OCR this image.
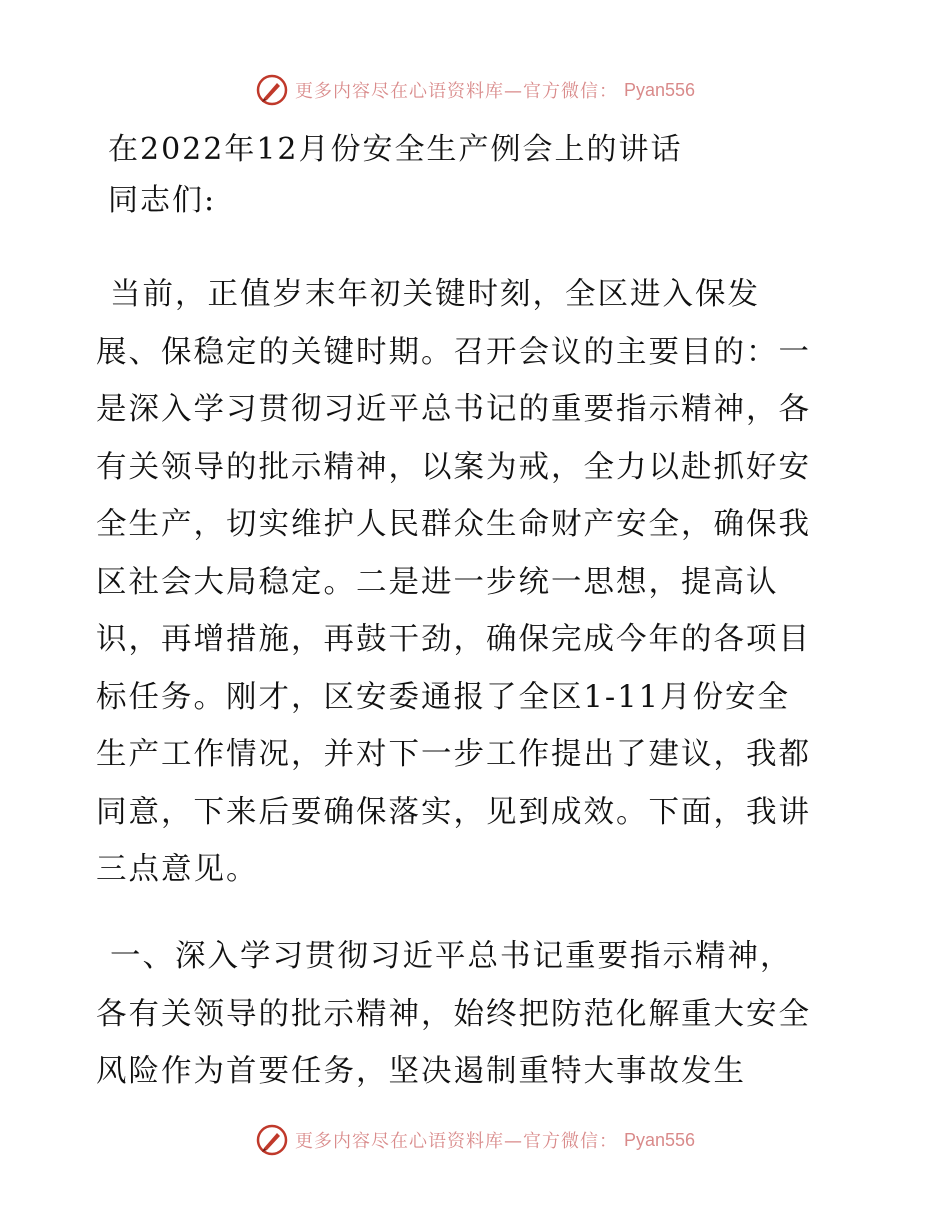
更多内容尽在心语资料库—官方微信： Pyan556
在2022年12月份安全生产例会上的讲话
同志们:
当前，正值岁末年初关键时刻，全区进入保发
展、保稳定的关键时期。召开会议的主要目的：一
是深入学习贯彻习近平总书记的重要指示精神，各
有关领导的批示精神，以案为戒，全力以赴抓好安
全生产，切实维护人民群众生命财产安全，确保我
区社会大局稳定。二是进一步统一思想，提高认
识，再增措施，再鼓干劲，确保完成今年的各项目
标任务。刚才，区安委通报了全区1-11月份安全
生产工作情况，并对下一步工作提出了建议，我都
同意，下来后要确保落实，见到成效。下面，我讲
三点意见。
一、深入学习贯彻习近平总书记重要指示精神，
各有关领导的批示精神，始终把防范化解重大安全
风险作为首要任务，坚决遏制重特大事故发生
更多内容尽在心语资料库—官方微信： Pyan556
